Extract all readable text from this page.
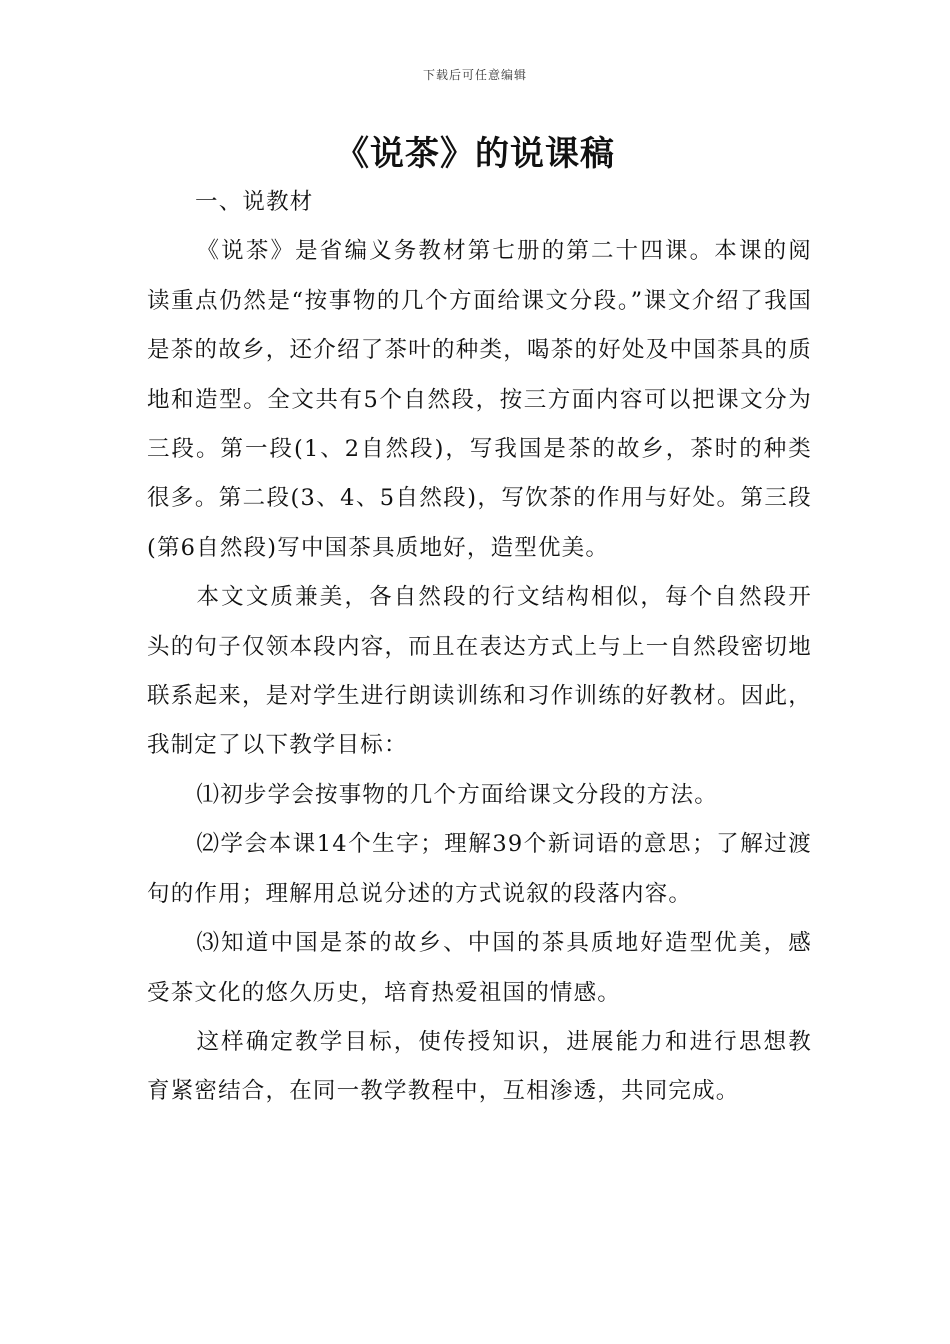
下载后可任意编辑
《说茶》的说课稿

一、说教材

《说茶》是省编义务教材第七册的第二十四课。本课的阅读重点仍然是“按事物的几个方面给课文分段。”课文介绍了我国是茶的故乡，还介绍了茶叶的种类，喝茶的好处及中国茶具的质地和造型。全文共有5个自然段，按三方面内容可以把课文分为三段。第一段(1、2自然段)，写我国是茶的故乡，茶时的种类很多。第二段(3、4、5自然段)，写饮茶的作用与好处。第三段(第6自然段)写中国茶具质地好，造型优美。

本文文质兼美，各自然段的行文结构相似，每个自然段开头的句子仅领本段内容，而且在表达方式上与上一自然段密切地联系起来，是对学生进行朗读训练和习作训练的好教材。因此，我制定了以下教学目标：

⑴初步学会按事物的几个方面给课文分段的方法。

⑵学会本课14个生字；理解39个新词语的意思；了解过渡句的作用；理解用总说分述的方式说叙的段落内容。

⑶知道中国是茶的故乡、中国的茶具质地好造型优美，感受茶文化的悠久历史，培育热爱祖国的情感。

这样确定教学目标，使传授知识，进展能力和进行思想教育紧密结合，在同一教学教程中，互相渗透，共同完成。
